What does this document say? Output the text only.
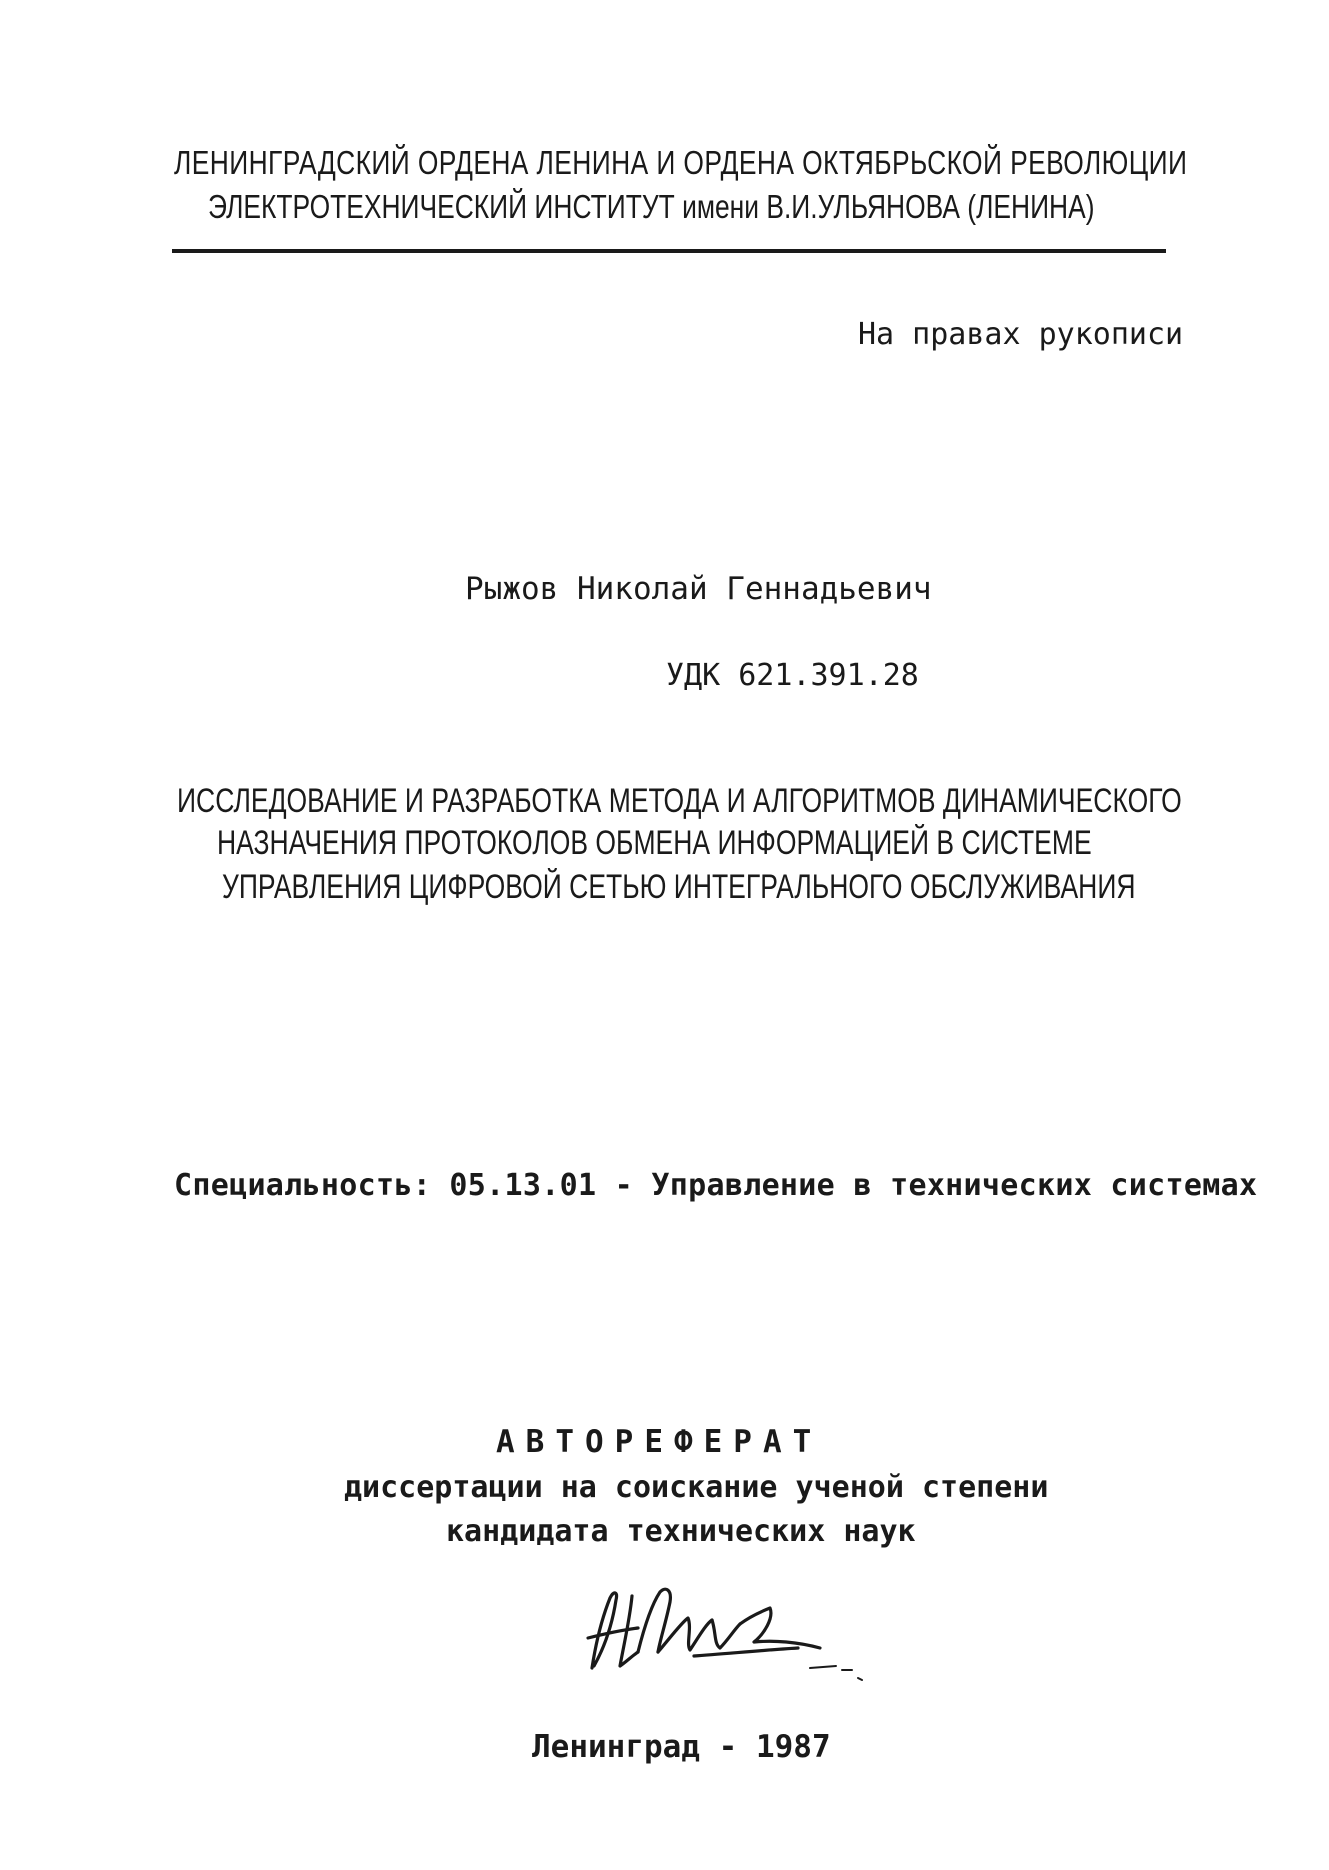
ЛЕНИНГРАДСКИЙ ОРДЕНА ЛЕНИНА И ОРДЕНА ОКТЯБРЬСКОЙ РЕВОЛЮЦИИ
ЭЛЕКТРОТЕХНИЧЕСКИЙ ИНСТИТУТ имени В.И.УЛЬЯНОВА (ЛЕНИНА)
На правах рукописи
Рыжов Николай Геннадьевич
УДК 621.391.28
ИССЛЕДОВАНИЕ И РАЗРАБОТКА МЕТОДА И АЛГОРИТМОВ ДИНАМИЧЕСКОГО
НАЗНАЧЕНИЯ ПРОТОКОЛОВ ОБМЕНА ИНФОРМАЦИЕЙ В СИСТЕМЕ
УПРАВЛЕНИЯ ЦИФРОВОЙ СЕТЬЮ ИНТЕГРАЛЬНОГО ОБСЛУЖИВАНИЯ
Специальность: 05.13.01 - Управление в технических системах
АВТОРЕФЕРАТ
диссертации на соискание ученой степени
кандидата технических наук
Ленинград - 1987
